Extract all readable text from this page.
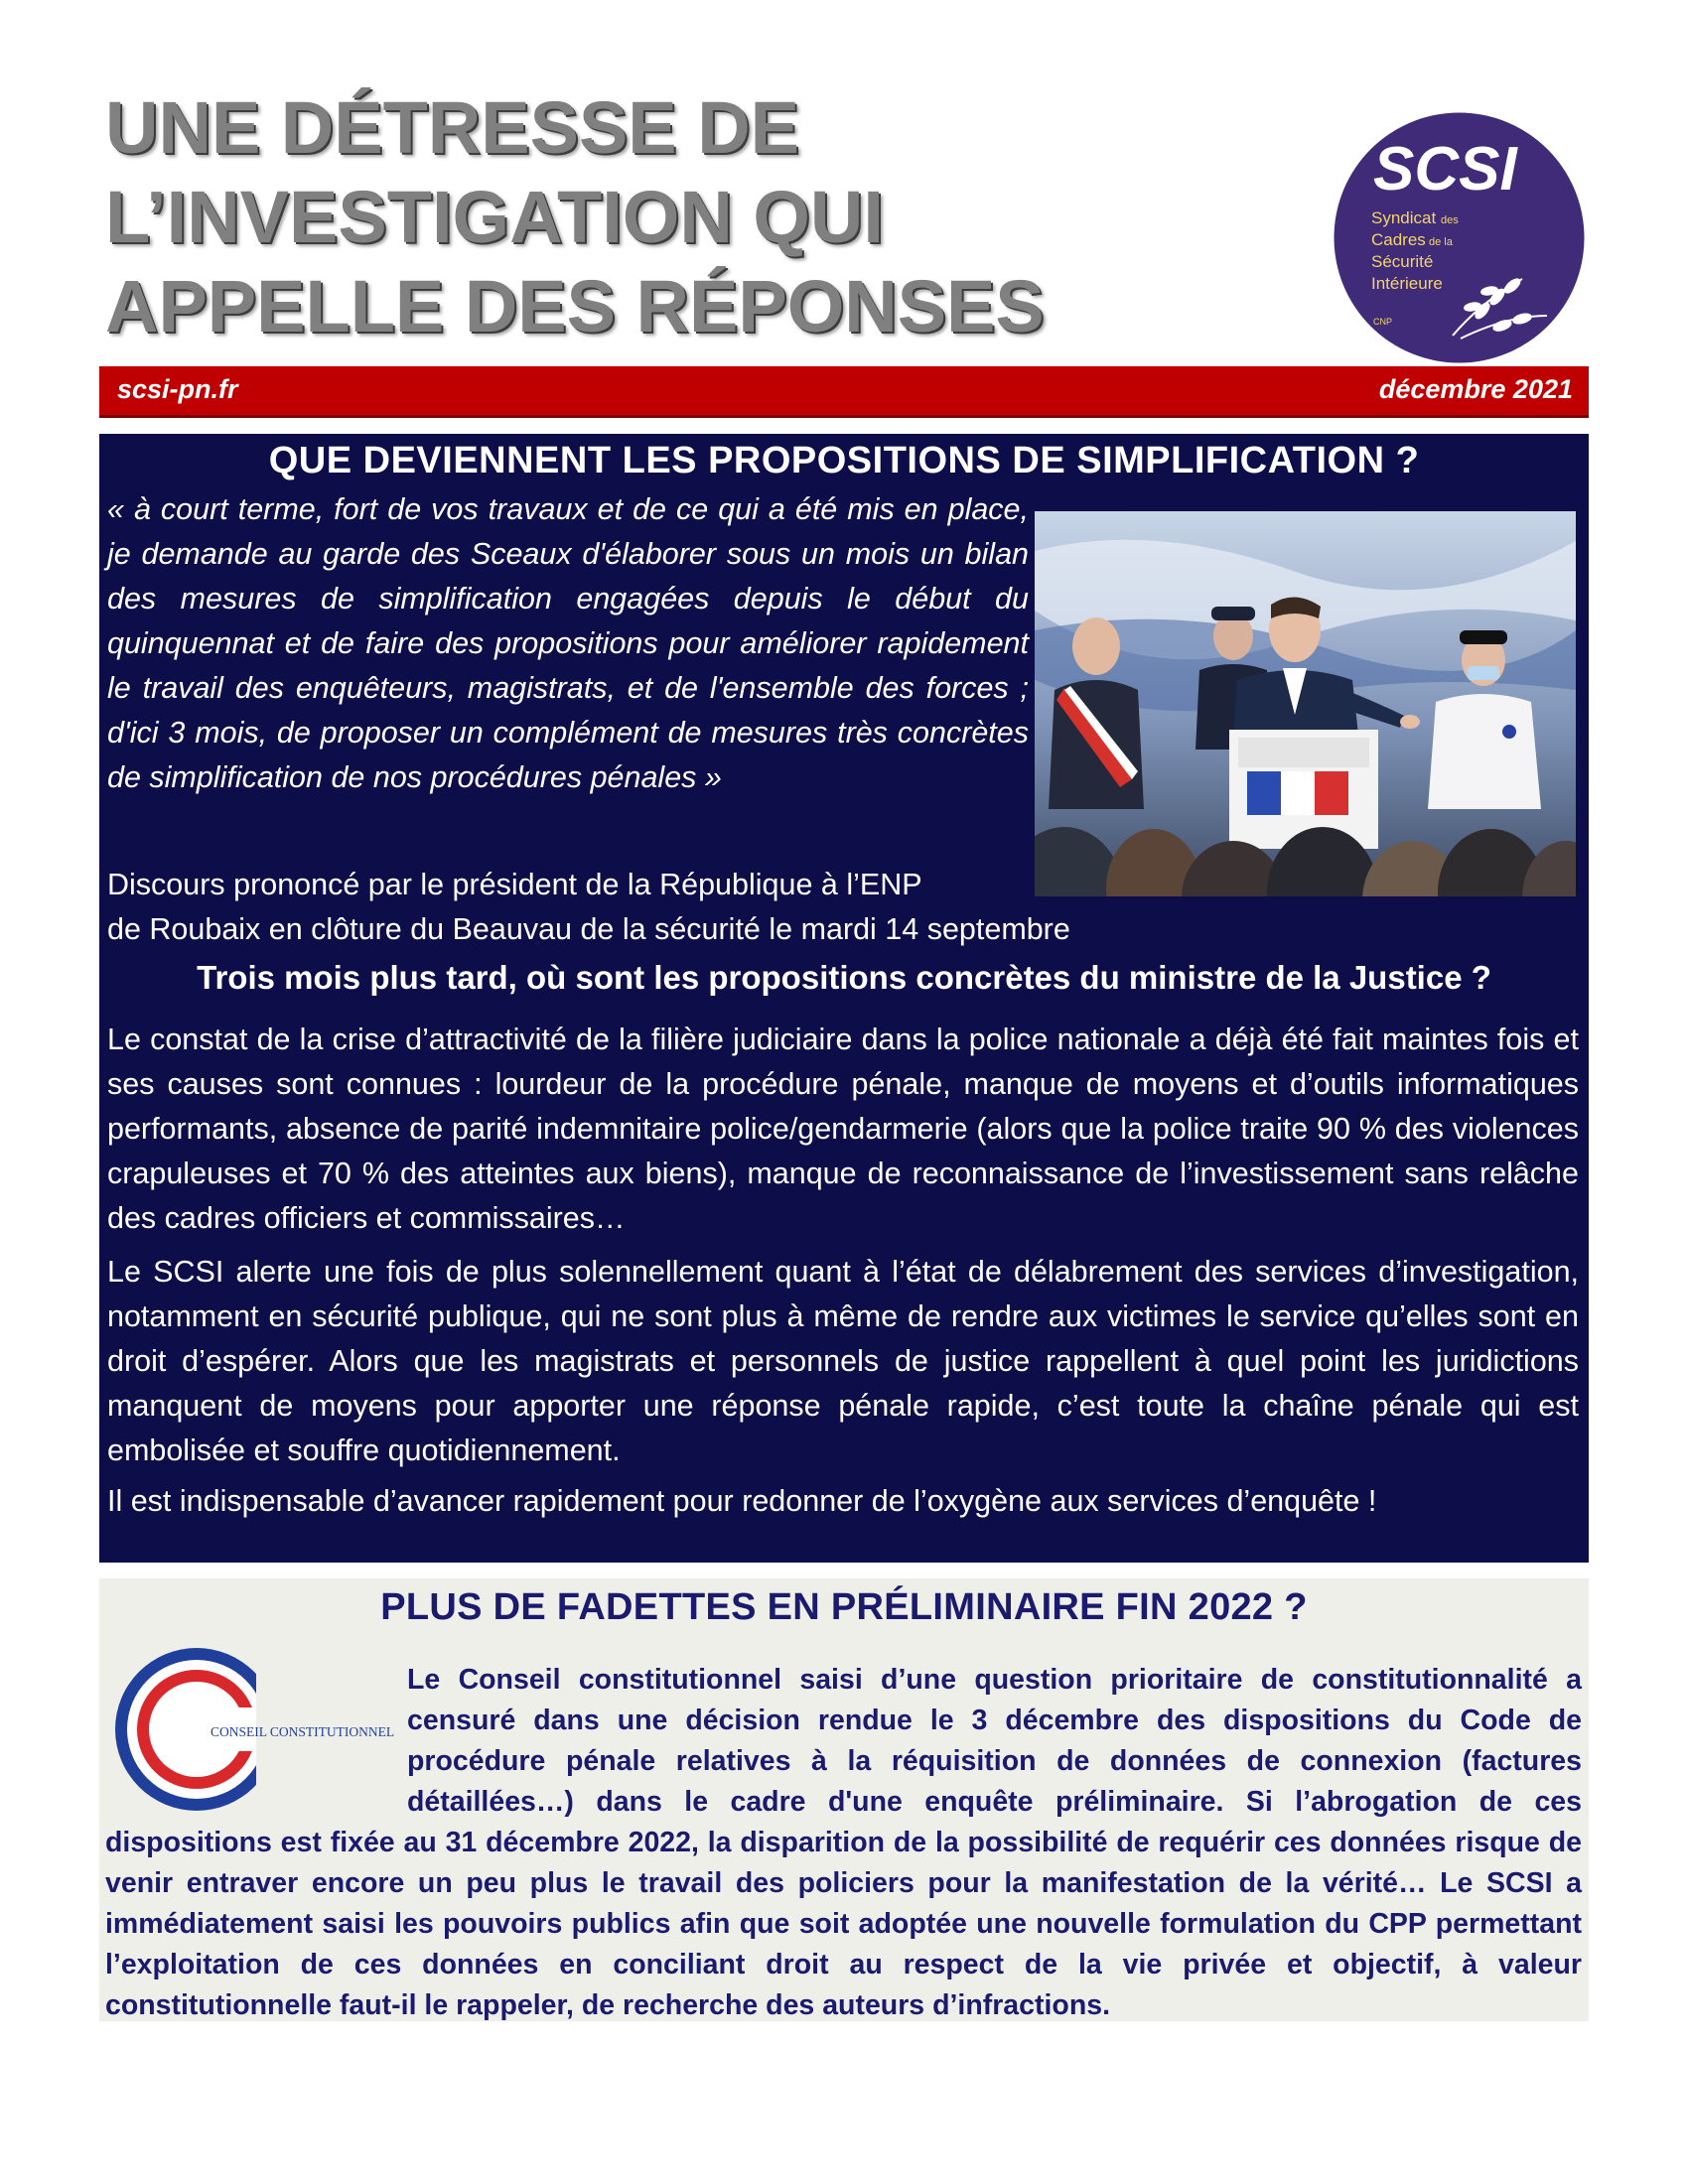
UNE DÉTRESSE DE
L’INVESTIGATION QUI
APPELLE DES RÉPONSES
SCSI
Syndicat des
Cadres de la
Sécurité
Intérieure
CNP
scsi-pn.fr	décembre 2021
QUE DEVIENNENT LES PROPOSITIONS DE SIMPLIFICATION ?
« à court terme, fort de vos travaux et de ce qui a été mis en place, je demande au garde des Sceaux d'élaborer sous un mois un bilan des mesures de simplification engagées depuis le début du quinquennat et de faire des propositions pour améliorer rapidement le travail des enquêteurs, magistrats, et de l'ensemble des forces ; d'ici 3 mois, de proposer un complément de mesures très concrètes de simplification de nos procédures pénales »
Discours prononcé par le président de la République à l’ENP
de Roubaix en clôture du Beauvau de la sécurité le mardi 14 septembre
Trois mois plus tard, où sont les propositions concrètes du ministre de la Justice ?
Le constat de la crise d’attractivité de la filière judiciaire dans la police nationale a déjà été fait maintes fois et ses causes sont connues : lourdeur de la procédure pénale, manque de moyens et d’outils informatiques performants, absence de parité indemnitaire police/gendarmerie (alors que la police traite 90 % des violences crapuleuses et 70 % des atteintes aux biens), manque de reconnaissance de l’investissement sans relâche des cadres officiers et commissaires…
Le SCSI alerte une fois de plus solennellement quant à l’état de délabrement des services d’investigation, notamment en sécurité publique, qui ne sont plus à même de rendre aux victimes le service qu’elles sont en droit d’espérer. Alors que les magistrats et personnels de justice rappellent à quel point les juridictions manquent de moyens pour apporter une réponse pénale rapide, c’est toute la chaîne pénale qui est embolisée et souffre quotidiennement.
Il est indispensable d’avancer rapidement pour redonner de l’oxygène aux services d’enquête !
PLUS DE FADETTES EN PRÉLIMINAIRE FIN 2022 ?
CONSEIL CONSTITUTIONNEL
Le Conseil constitutionnel saisi d’une question prioritaire de constitutionnalité a censuré dans une décision rendue le 3 décembre des dispositions du Code de procédure pénale relatives à la réquisition de données de connexion (factures détaillées…) dans le cadre d'une enquête préliminaire. Si l’abrogation de ces dispositions est fixée au 31 décembre 2022, la disparition de la possibilité de requérir ces données risque de venir entraver encore un peu plus le travail des policiers pour la manifestation de la vérité… Le SCSI a immédiatement saisi les pouvoirs publics afin que soit adoptée une nouvelle formulation du CPP permettant l’exploitation de ces données en conciliant droit au respect de la vie privée et objectif, à valeur constitutionnelle faut-il le rappeler, de recherche des auteurs d’infractions.
